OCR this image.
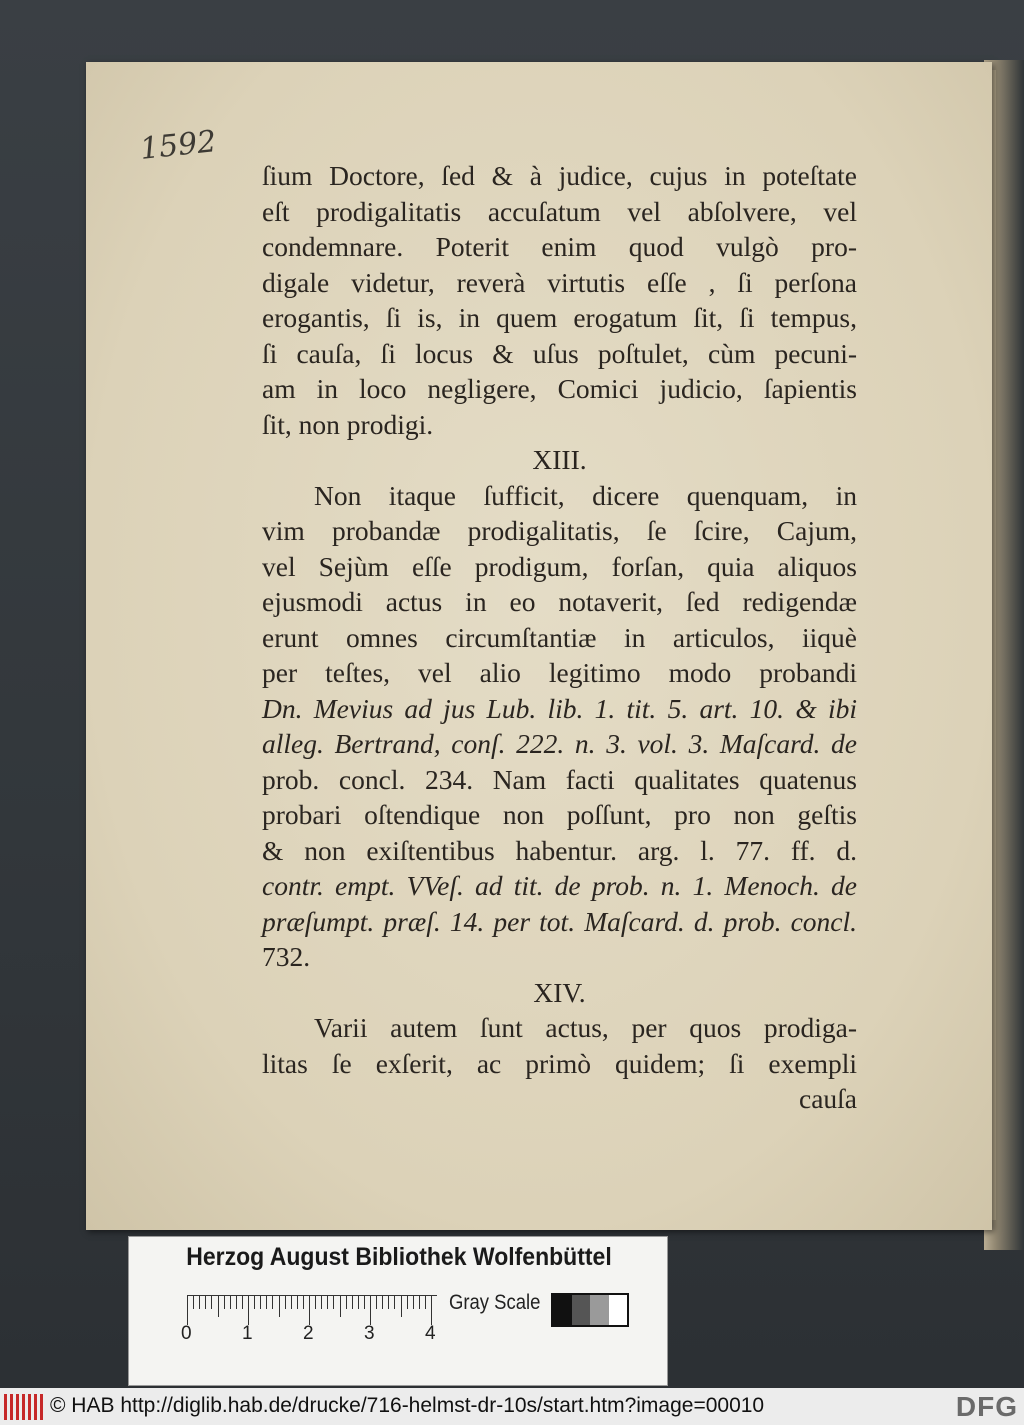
1592
ſium Doctore, ſed & à judice, cujus in poteſtate
eſt prodigalitatis accuſatum vel abſolvere, vel
condemnare. Poterit enim quod vulgò pro-
digale videtur, reverà virtutis eſſe , ſi perſona
erogantis, ſi is, in quem erogatum ſit, ſi tempus,
ſi cauſa, ſi locus & uſus poſtulet, cùm pecuni-
am in loco negligere, Comici judicio, ſapientis
ſit, non prodigi.
XIII.
Non itaque ſufficit, dicere quenquam, in
vim probandæ prodigalitatis, ſe ſcire, Cajum,
vel Sejùm eſſe prodigum, forſan, quia aliquos
ejusmodi actus in eo notaverit, ſed redigendæ
erunt omnes circumſtantiæ in articulos, iiquè
per teſtes, vel alio legitimo modo probandi
Dn. Mevius ad jus Lub. lib. 1. tit. 5. art. 10. & ibi
alleg. Bertrand, conſ. 222. n. 3. vol. 3. Maſcard. de
prob. concl. 234. Nam facti qualitates quatenus
probari oſtendique non poſſunt, pro non geſtis
& non exiſtentibus habentur. arg. l. 77. ff. d.
contr. empt. VVeſ. ad tit. de prob. n. 1. Menoch. de
præſumpt. præſ. 14. per tot. Maſcard. d. prob. concl.
732.
XIV.
Varii autem ſunt actus, per quos prodiga-
litas ſe exſerit, ac primò quidem; ſi exempli
cauſa
Herzog August Bibliothek Wolfenbüttel
Gray Scale
0	1	2	3	4
© HAB http://diglib.hab.de/drucke/716-helmst-dr-10s/start.htm?image=00010	DFG
